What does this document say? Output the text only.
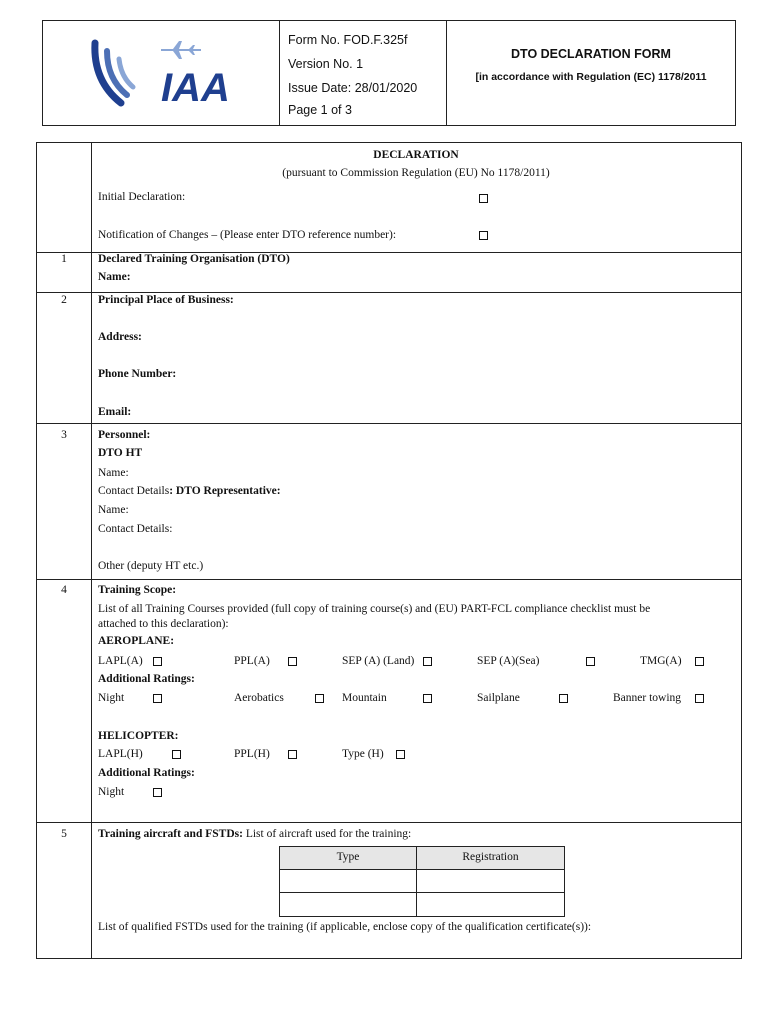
IAA
Form No. FOD.F.325f
Version No. 1
Issue Date: 28/01/2020
Page 1 of 3
DTO DECLARATION FORM
[in accordance with Regulation (EC) 1178/2011
DECLARATION
(pursuant to Commission Regulation (EU) No 1178/2011)
Initial Declaration:
Notification of Changes – (Please enter DTO reference number):
1	Declared Training Organisation (DTO)
Name:
2	Principal Place of Business:
Address:
Phone Number:
Email:
3	Personnel:
DTO HT
Name:
Contact Details: DTO Representative:
Name:
Contact Details:
Other (deputy HT etc.)
4	Training Scope:
List of all Training Courses provided (full copy of training course(s) and (EU) PART-FCL compliance checklist must be
attached to this declaration):
AEROPLANE:
LAPL(A)	PPL(A)	SEP (A) (Land)	SEP (A)(Sea)	TMG(A)
Additional Ratings:
Night	Aerobatics	Mountain	Sailplane	Banner towing
HELICOPTER:
LAPL(H)	PPL(H)	Type (H)
Additional Ratings:
Night
5	Training aircraft and FSTDs: List of aircraft used for the training:
Type	Registration
List of qualified FSTDs used for the training (if applicable, enclose copy of the qualification certificate(s)):
